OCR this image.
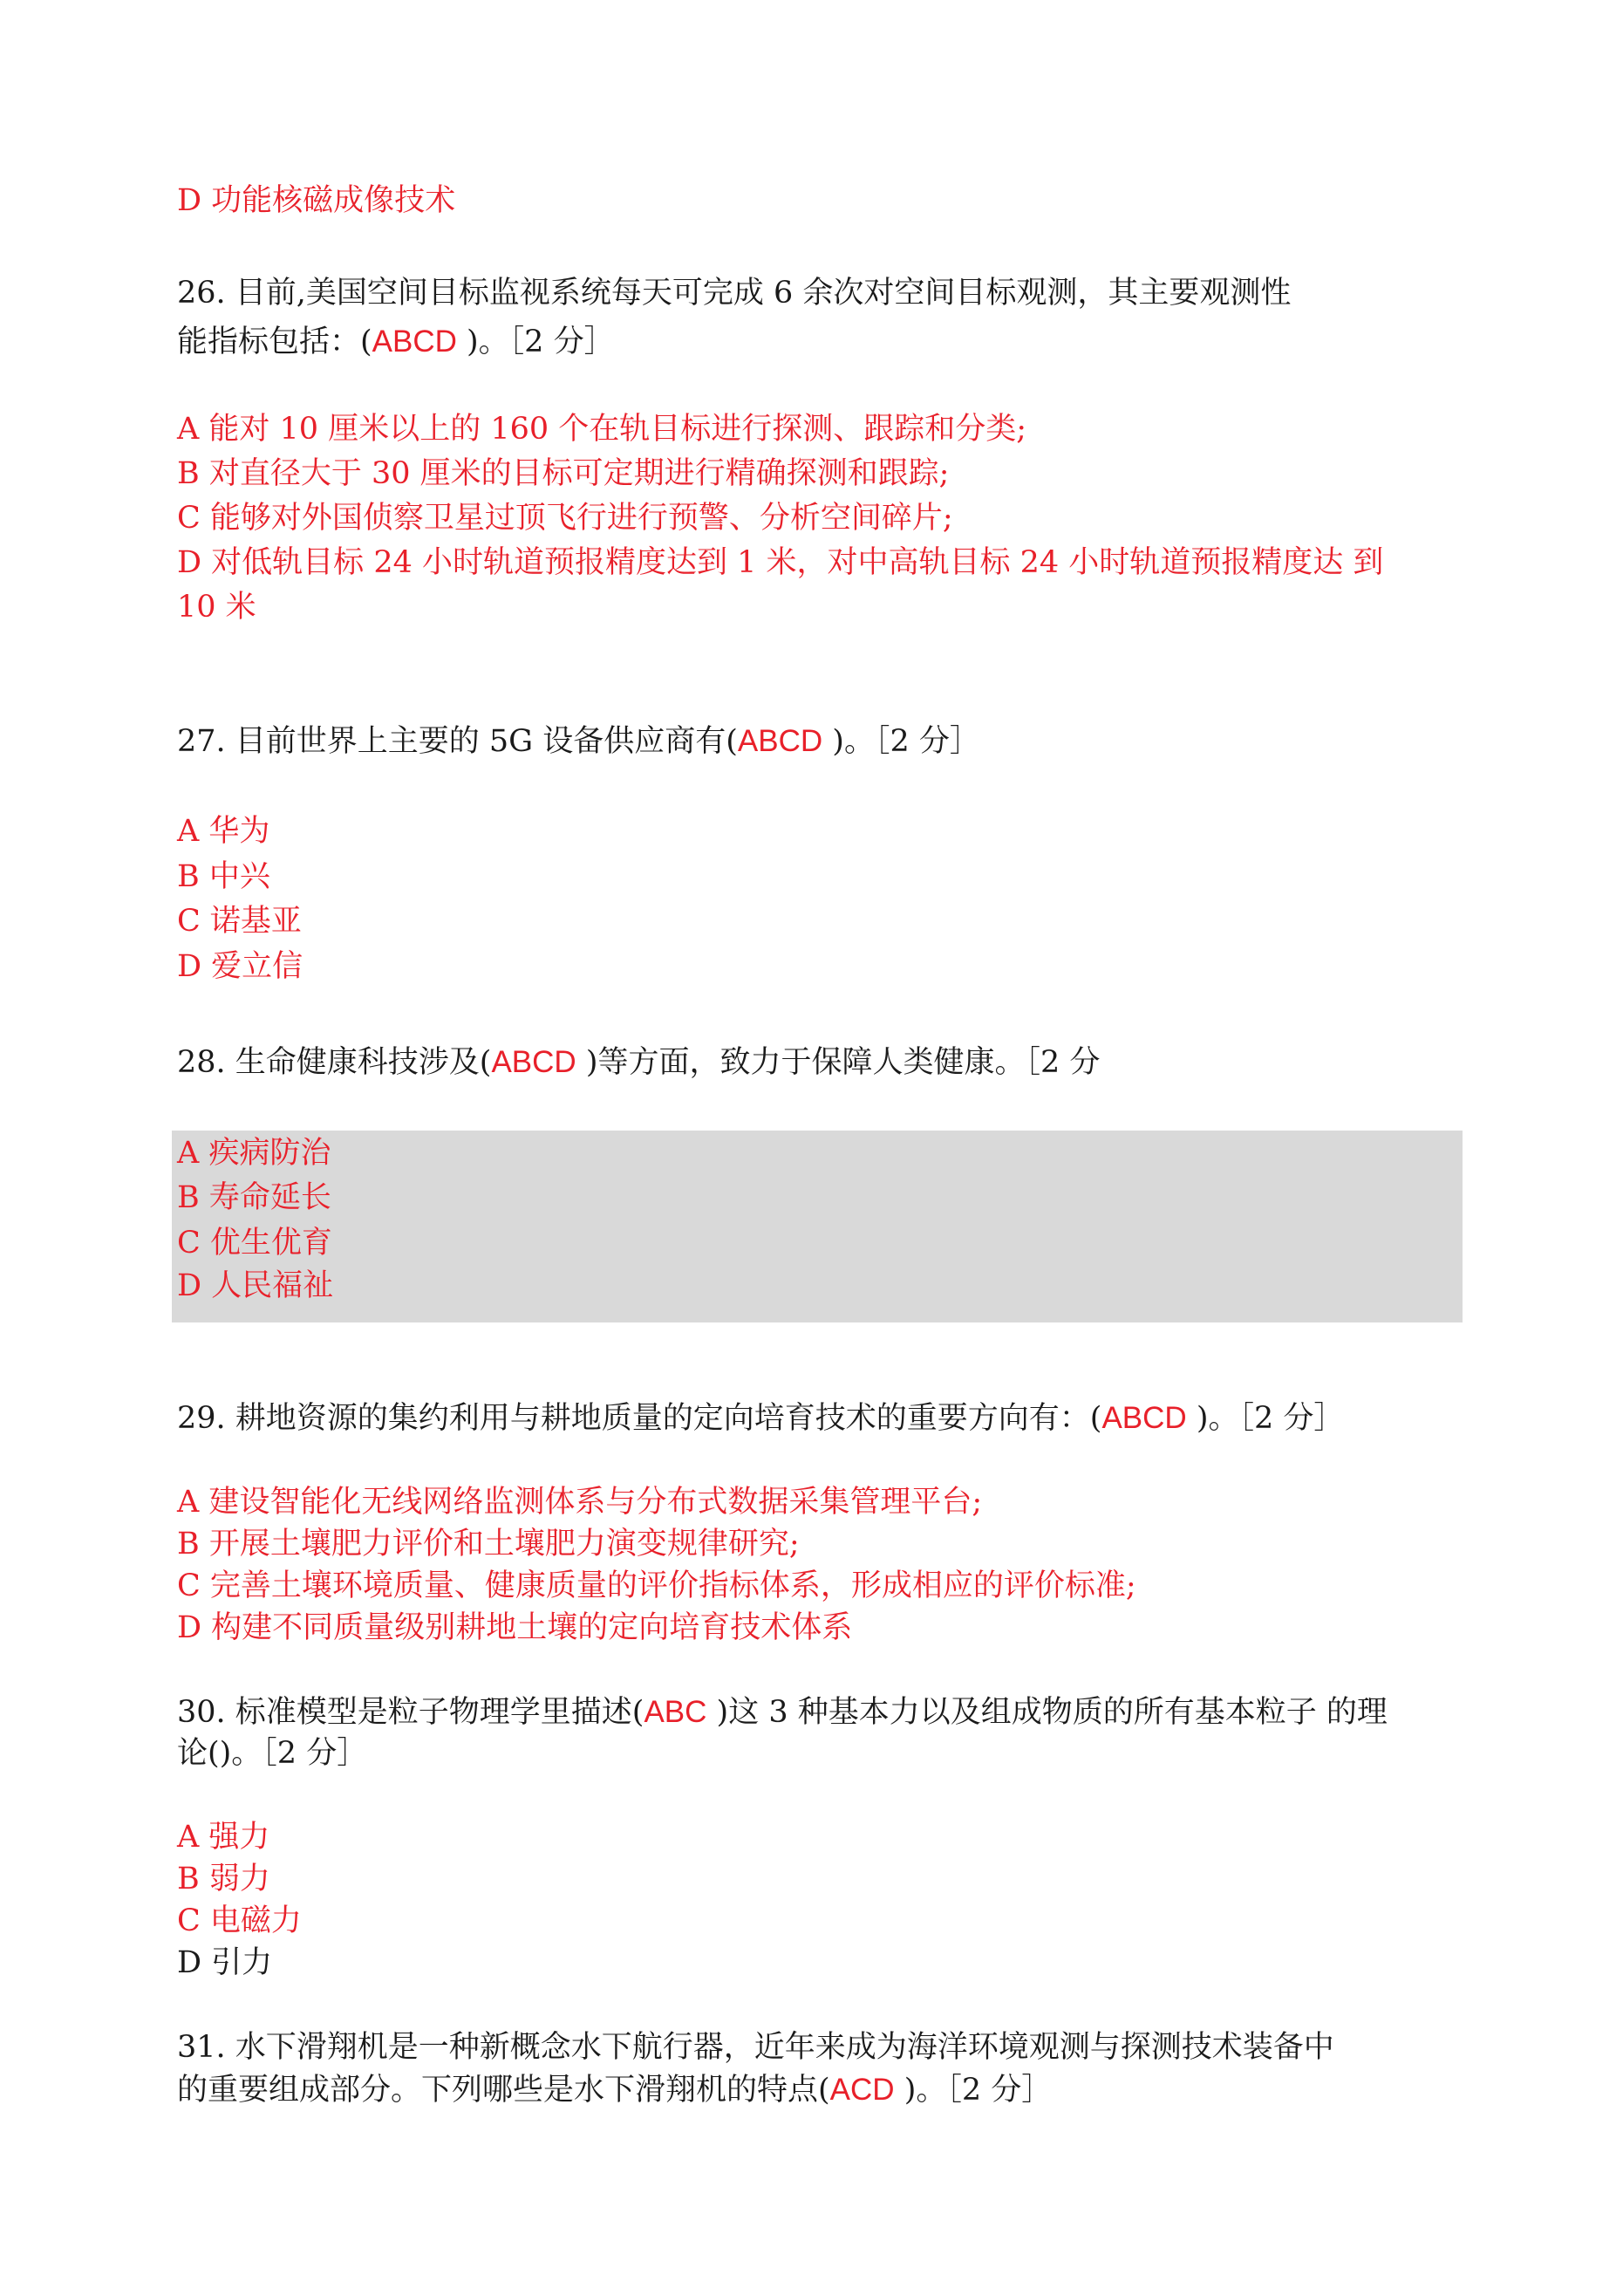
D 功能核磁成像技术
26. 目前,美国空间目标监视系统每天可完成 6 余次对空间目标观测，其主要观测性
能指标包括：(ABCD )。［2 分］
A 能对 10 厘米以上的 160 个在轨目标进行探测、跟踪和分类;
B 对直径大于 30 厘米的目标可定期进行精确探测和跟踪;
C 能够对外国侦察卫星过顶飞行进行预警、分析空间碎片;
D 对低轨目标 24 小时轨道预报精度达到 1 米，对中高轨目标 24 小时轨道预报精度达 到
10 米
27. 目前世界上主要的 5G 设备供应商有(ABCD )。［2 分］
A 华为
B 中兴
C 诺基亚
D 爱立信
28. 生命健康科技涉及(ABCD )等方面，致力于保障人类健康。［2 分
A 疾病防治
B 寿命延长
C 优生优育
D 人民福祉
29. 耕地资源的集约利用与耕地质量的定向培育技术的重要方向有：(ABCD )。［2 分］
A 建设智能化无线网络监测体系与分布式数据采集管理平台;
B 开展土壤肥力评价和土壤肥力演变规律研究;
C 完善土壤环境质量、健康质量的评价指标体系，形成相应的评价标准;
D 构建不同质量级别耕地土壤的定向培育技术体系
30. 标准模型是粒子物理学里描述(ABC )这 3 种基本力以及组成物质的所有基本粒子 的理
论()。［2 分］
A 强力
B 弱力
C 电磁力
D 引力
31. 水下滑翔机是一种新概念水下航行器，近年来成为海洋环境观测与探测技术装备中
的重要组成部分。下列哪些是水下滑翔机的特点(ACD )。［2 分］
